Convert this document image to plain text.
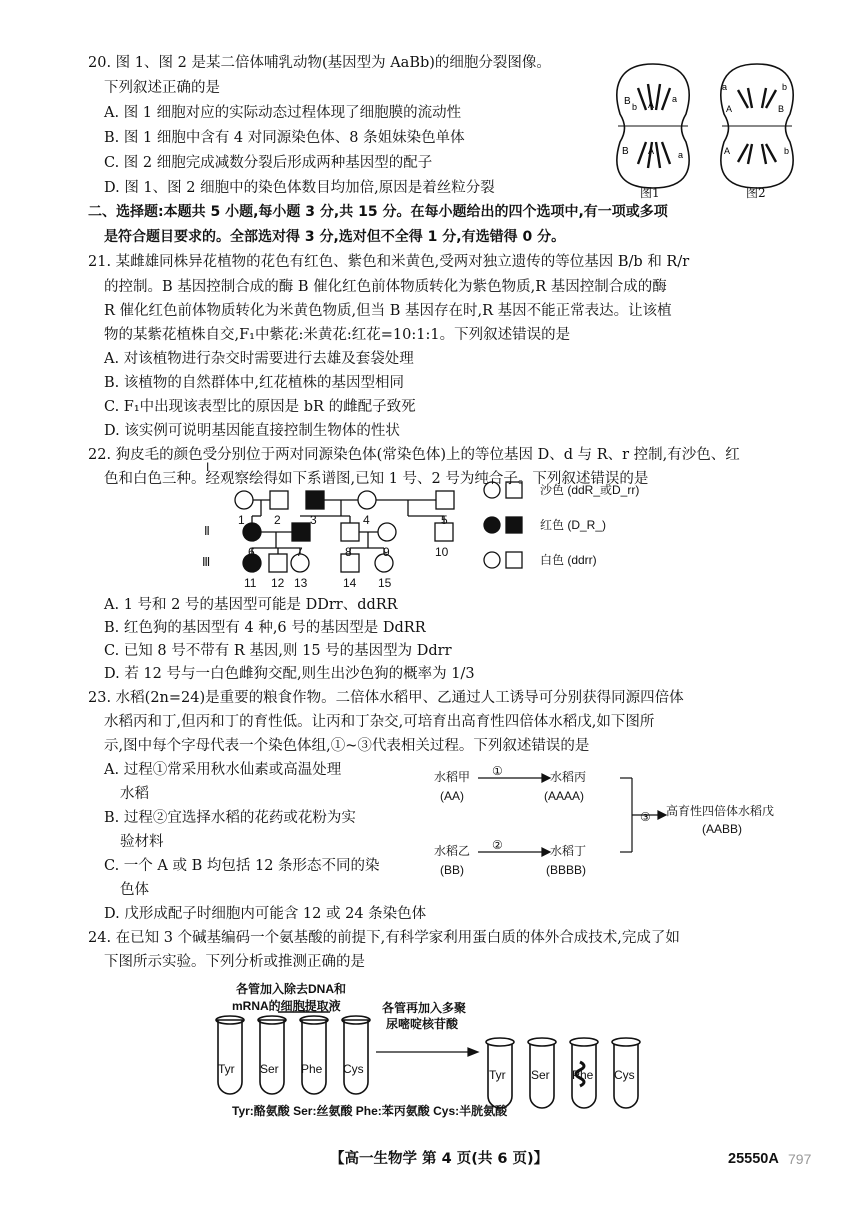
20. 图 1、图 2 是某二倍体哺乳动物(基因型为 AaBb)的细胞分裂图像。
下列叙述正确的是
A. 图 1 细胞对应的实际动态过程体现了细胞膜的流动性
B. 图 1 细胞中含有 4 对同源染色体、8 条姐妹染色单体
C. 图 2 细胞完成减数分裂后形成两种基因型的配子
D. 图 1、图 2 细胞中的染色体数目均加倍,原因是着丝粒分裂
B b A
a
B A	a
图1
a	b
A	B
A	b
图2
二、选择题:本题共 5 小题,每小题 3 分,共 15 分。在每小题给出的四个选项中,有一项或多项
是符合题目要求的。全部选对得 3 分,选对但不全得 1 分,有选错得 0 分。
21. 某雌雄同株异花植物的花色有红色、紫色和米黄色,受两对独立遗传的等位基因 B/b 和 R/r
的控制。B 基因控制合成的酶 B 催化红色前体物质转化为紫色物质,R 基因控制合成的酶
R 催化红色前体物质转化为米黄色物质,但当 B 基因存在时,R 基因不能正常表达。让该植
物的某紫花植株自交,F₁中紫花:米黄花:红花=10:1:1。下列叙述错误的是
A. 对该植物进行杂交时需要进行去雄及套袋处理
B. 该植物的自然群体中,红花植株的基因型相同
C. F₁中出现该表型比的原因是 bR 的雌配子致死
D. 该实例可说明基因能直接控制生物体的性状
22. 狗皮毛的颜色受分别位于两对同源染色体(常染色体)上的等位基因 D、d 与 R、r 控制,有沙色、红
色和白色三种。经观察绘得如下系谱图,已知 1 号、2 号为纯合子。下列叙述错误的是
I
Ⅱ
Ⅲ
1 2 3	4	5
6	7	8	9	10
11 12 13	14 15
沙色 (ddR_或D_rr)
红色 (D_R_)
白色 (ddrr)
A. 1 号和 2 号的基因型可能是 DDrr、ddRR
B. 红色狗的基因型有 4 种,6 号的基因型是 DdRR
C. 已知 8 号不带有 R 基因,则 15 号的基因型为 Ddrr
D. 若 12 号与一白色雌狗交配,则生出沙色狗的概率为 1/3
23. 水稻(2n=24)是重要的粮食作物。二倍体水稻甲、乙通过人工诱导可分别获得同源四倍体
水稻丙和丁,但丙和丁的育性低。让丙和丁杂交,可培育出高育性四倍体水稻戊,如下图所
示,图中每个字母代表一个染色体组,①~③代表相关过程。下列叙述错误的是
A. 过程①常采用秋水仙素或高温处理
水稻
B. 过程②宜选择水稻的花药或花粉为实
验材料
C. 一个 A 或 B 均包括 12 条形态不同的染
色体
D. 戊形成配子时细胞内可能含 12 或 24 条染色体
水稻甲
(AA)
①	水稻丙
(AAAA)
③ 高育性四倍体水稻戊
(AABB)
水稻乙
(BB)
②	水稻丁
(BBBB)
24. 在已知 3 个碱基编码一个氨基酸的前提下,有科学家利用蛋白质的体外合成技术,完成了如
下图所示实验。下列分析或推测正确的是
各管加入除去DNA和
mRNA的细胞提取液	各管再加入多聚
尿嘧啶核苷酸
Tyr Ser Phe Cys	Tyr Ser Phe Cys
Tyr:酪氨酸 Ser:丝氨酸 Phe:苯丙氨酸 Cys:半胱氨酸
【高一生物学 第 4 页(共 6 页)】	25550A 797
